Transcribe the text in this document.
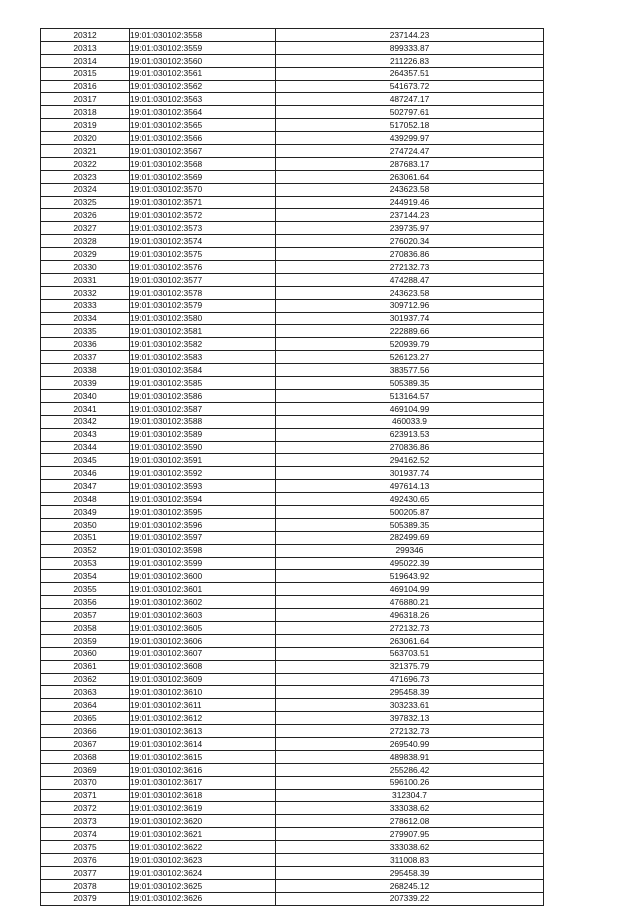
20312	19:01:030102:3558	237144.23
20313	19:01:030102:3559	899333.87
20314	19:01:030102:3560	211226.83
20315	19:01:030102:3561	264357.51
20316	19:01:030102:3562	541673.72
20317	19:01:030102:3563	487247.17
20318	19:01:030102:3564	502797.61
20319	19:01:030102:3565	517052.18
20320	19:01:030102:3566	439299.97
20321	19:01:030102:3567	274724.47
20322	19:01:030102:3568	287683.17
20323	19:01:030102:3569	263061.64
20324	19:01:030102:3570	243623.58
20325	19:01:030102:3571	244919.46
20326	19:01:030102:3572	237144.23
20327	19:01:030102:3573	239735.97
20328	19:01:030102:3574	276020.34
20329	19:01:030102:3575	270836.86
20330	19:01:030102:3576	272132.73
20331	19:01:030102:3577	474288.47
20332	19:01:030102:3578	243623.58
20333	19:01:030102:3579	309712.96
20334	19:01:030102:3580	301937.74
20335	19:01:030102:3581	222889.66
20336	19:01:030102:3582	520939.79
20337	19:01:030102:3583	526123.27
20338	19:01:030102:3584	383577.56
20339	19:01:030102:3585	505389.35
20340	19:01:030102:3586	513164.57
20341	19:01:030102:3587	469104.99
20342	19:01:030102:3588	460033.9
20343	19:01:030102:3589	623913.53
20344	19:01:030102:3590	270836.86
20345	19:01:030102:3591	294162.52
20346	19:01:030102:3592	301937.74
20347	19:01:030102:3593	497614.13
20348	19:01:030102:3594	492430.65
20349	19:01:030102:3595	500205.87
20350	19:01:030102:3596	505389.35
20351	19:01:030102:3597	282499.69
20352	19:01:030102:3598	299346
20353	19:01:030102:3599	495022.39
20354	19:01:030102:3600	519643.92
20355	19:01:030102:3601	469104.99
20356	19:01:030102:3602	476880.21
20357	19:01:030102:3603	496318.26
20358	19:01:030102:3605	272132.73
20359	19:01:030102:3606	263061.64
20360	19:01:030102:3607	563703.51
20361	19:01:030102:3608	321375.79
20362	19:01:030102:3609	471696.73
20363	19:01:030102:3610	295458.39
20364	19:01:030102:3611	303233.61
20365	19:01:030102:3612	397832.13
20366	19:01:030102:3613	272132.73
20367	19:01:030102:3614	269540.99
20368	19:01:030102:3615	489838.91
20369	19:01:030102:3616	255286.42
20370	19:01:030102:3617	596100.26
20371	19:01:030102:3618	312304.7
20372	19:01:030102:3619	333038.62
20373	19:01:030102:3620	278612.08
20374	19:01:030102:3621	279907.95
20375	19:01:030102:3622	333038.62
20376	19:01:030102:3623	311008.83
20377	19:01:030102:3624	295458.39
20378	19:01:030102:3625	268245.12
20379	19:01:030102:3626	207339.22
